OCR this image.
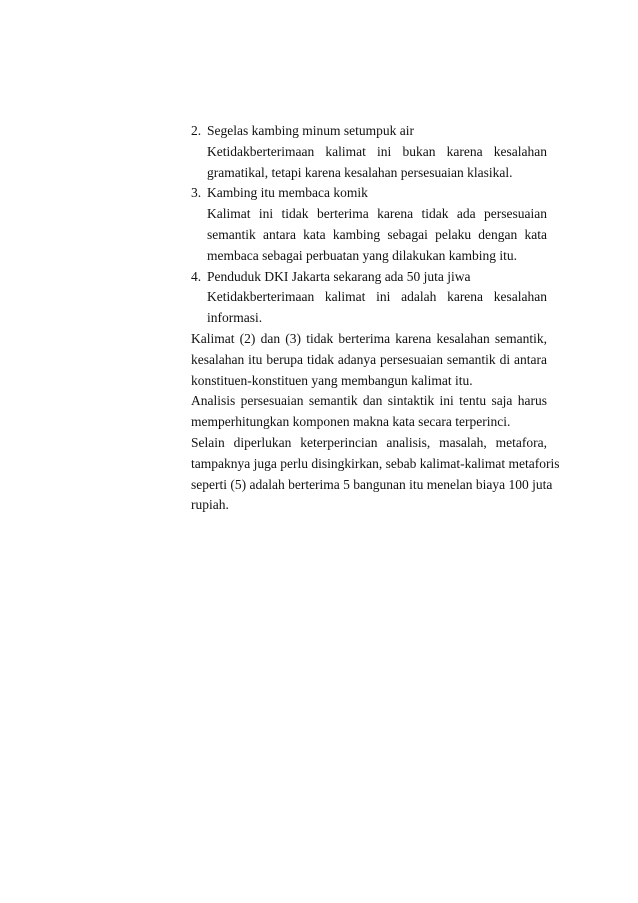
2. Segelas kambing minum setumpuk air
Ketidakberterimaan kalimat ini bukan karena kesalahan
gramatikal, tetapi karena kesalahan persesuaian klasikal.
3. Kambing itu membaca komik
Kalimat ini tidak berterima karena tidak ada persesuaian
semantik antara kata kambing sebagai pelaku dengan kata
membaca sebagai perbuatan yang dilakukan kambing itu.
4. Penduduk DKI Jakarta sekarang ada 50 juta jiwa
Ketidakberterimaan kalimat ini adalah karena kesalahan
informasi.
Kalimat (2) dan (3) tidak berterima karena kesalahan semantik,
kesalahan itu berupa tidak adanya persesuaian semantik di antara
konstituen-konstituen yang membangun kalimat itu.
Analisis persesuaian semantik dan sintaktik ini tentu saja harus
memperhitungkan komponen makna kata secara terperinci.
Selain diperlukan keterperincian analisis, masalah, metafora,
tampaknya juga perlu disingkirkan, sebab kalimat-kalimat metaforis
seperti (5) adalah berterima 5 bangunan itu menelan biaya 100 juta
rupiah.
